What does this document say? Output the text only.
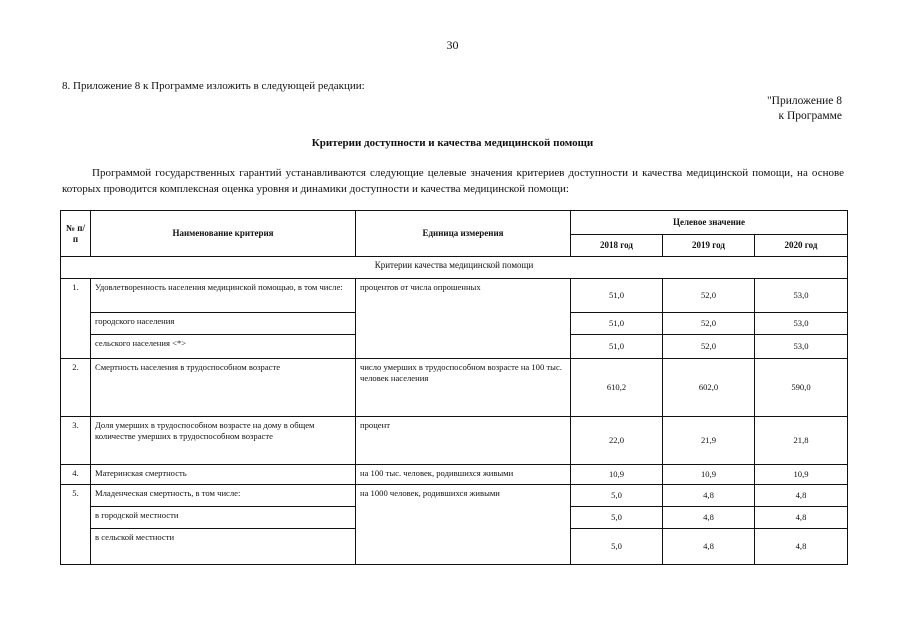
30
8. Приложение 8 к Программе изложить в следующей редакции:
"Приложение 8
к Программе
Критерии доступности и качества медицинской помощи
Программой государственных гарантий устанавливаются следующие целевые значения критериев доступности и качества медицинской помощи, на основе которых проводится комплексная оценка уровня и динамики доступности и качества медицинской помощи:
№ п/п	Наименование критерия	Единица измерения	Целевое значение		
			2018 год	2019 год	2020 год
Критерии качества медицинской помощи					
1.	Удовлетворенность населения медицинской помощью, в том числе:	процентов от числа опрошенных	51,0	52,0	53,0
	городского населения		51,0	52,0	53,0
	сельского населения <*>		51,0	52,0	53,0
2.	Смертность населения в трудоспособном возрасте	число умерших в трудоспособном возрасте на 100 тыс. человек населения	610,2	602,0	590,0
3.	Доля умерших в трудоспособном возрасте на дому в общем количестве умерших в трудоспособном возрасте	процент	22,0	21,9	21,8
4.	Материнская смертность	на 100 тыс. человек, родившихся живыми	10,9	10,9	10,9
5.	Младенческая смертность, в том числе:	на 1000 человек, родившихся живыми	5,0	4,8	4,8
	в городской местности		5,0	4,8	4,8
	в сельской местности		5,0	4,8	4,8
